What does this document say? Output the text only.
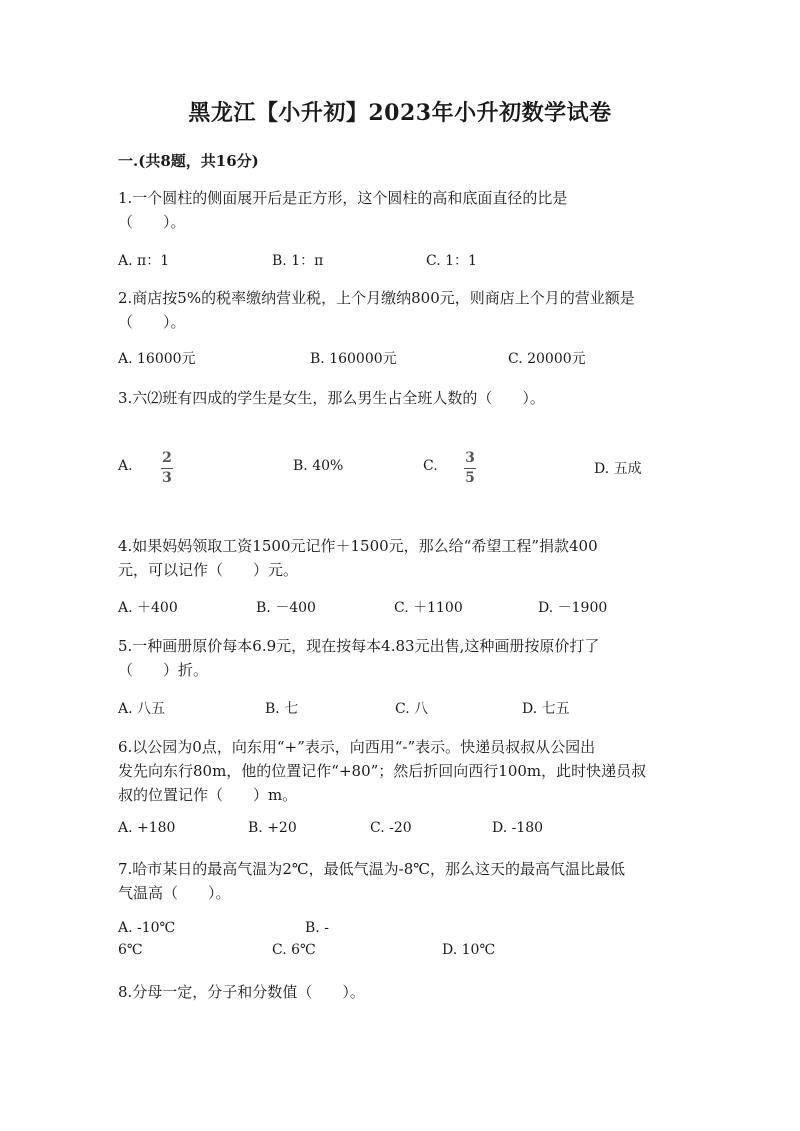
黑龙江【小升初】2023年小升初数学试卷
一.(共8题，共16分)
1.一个圆柱的侧面展开后是正方形，这个圆柱的高和底面直径的比是
（　　）。
A. π：1	B. 1：π	C. 1：1
2.商店按5%的税率缴纳营业税，上个月缴纳800元，则商店上个月的营业额是
（　　）。
A. 16000元	B. 160000元	C. 20000元
3.六⑵班有四成的学生是女生，那么男生占全班人数的（　　）。
A. 2
3
B. 40%	C. 3
5
D. 五成
4.如果妈妈领取工资1500元记作＋1500元，那么给“希望工程”捐款400
元，可以记作（　　）元。
A. ＋400	B. －400	C. ＋1100	D. －1900
5.一种画册原价每本6.9元，现在按每本4.83元出售,这种画册按原价打了
（　　）折。
A. 八五	B. 七	C. 八	D. 七五
6.以公园为0点，向东用“+”表示，向西用“-”表示。快递员叔叔从公园出
发先向东行80m，他的位置记作“+80”；然后折回向西行100m，此时快递员叔
叔的位置记作（　　）m。
A. +180	B. +20	C. -20	D. -180
7.哈市某日的最高气温为2℃，最低气温为-8℃，那么这天的最高气温比最低
气温高（　　）。
A. -10℃	B. -
6℃	C. 6℃	D. 10℃
8.分母一定，分子和分数值（　　）。
